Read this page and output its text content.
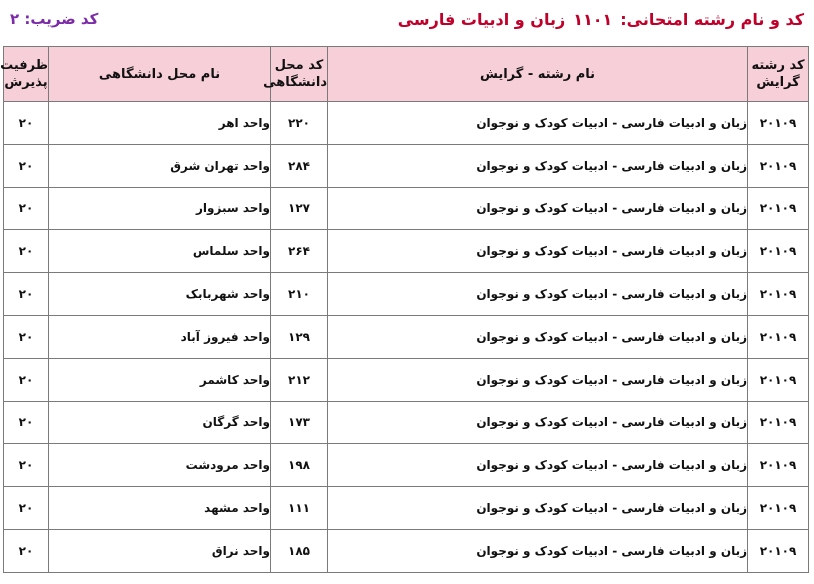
کد و نام رشته امتحانی:۱۱۰۱زبان و ادبیات فارسی
کد ضریب: ۲
کد رشته گرایش	نام رشته - گرایش	کد محل دانشگاهی	نام محل دانشگاهی	ظرفیت پذیرش
۲۰۱۰۹	زبان و ادبیات فارسی - ادبیات کودک و نوجوان	۲۲۰	واحد اهر	۲۰
۲۰۱۰۹	زبان و ادبیات فارسی - ادبیات کودک و نوجوان	۲۸۴	واحد تهران شرق	۲۰
۲۰۱۰۹	زبان و ادبیات فارسی - ادبیات کودک و نوجوان	۱۲۷	واحد سبزوار	۲۰
۲۰۱۰۹	زبان و ادبیات فارسی - ادبیات کودک و نوجوان	۲۶۴	واحد سلماس	۲۰
۲۰۱۰۹	زبان و ادبیات فارسی - ادبیات کودک و نوجوان	۲۱۰	واحد شهربابک	۲۰
۲۰۱۰۹	زبان و ادبیات فارسی - ادبیات کودک و نوجوان	۱۲۹	واحد فیروز آباد	۲۰
۲۰۱۰۹	زبان و ادبیات فارسی - ادبیات کودک و نوجوان	۲۱۲	واحد کاشمر	۲۰
۲۰۱۰۹	زبان و ادبیات فارسی - ادبیات کودک و نوجوان	۱۷۳	واحد گرگان	۲۰
۲۰۱۰۹	زبان و ادبیات فارسی - ادبیات کودک و نوجوان	۱۹۸	واحد مرودشت	۲۰
۲۰۱۰۹	زبان و ادبیات فارسی - ادبیات کودک و نوجوان	۱۱۱	واحد مشهد	۲۰
۲۰۱۰۹	زبان و ادبیات فارسی - ادبیات کودک و نوجوان	۱۸۵	واحد نراق	۲۰
